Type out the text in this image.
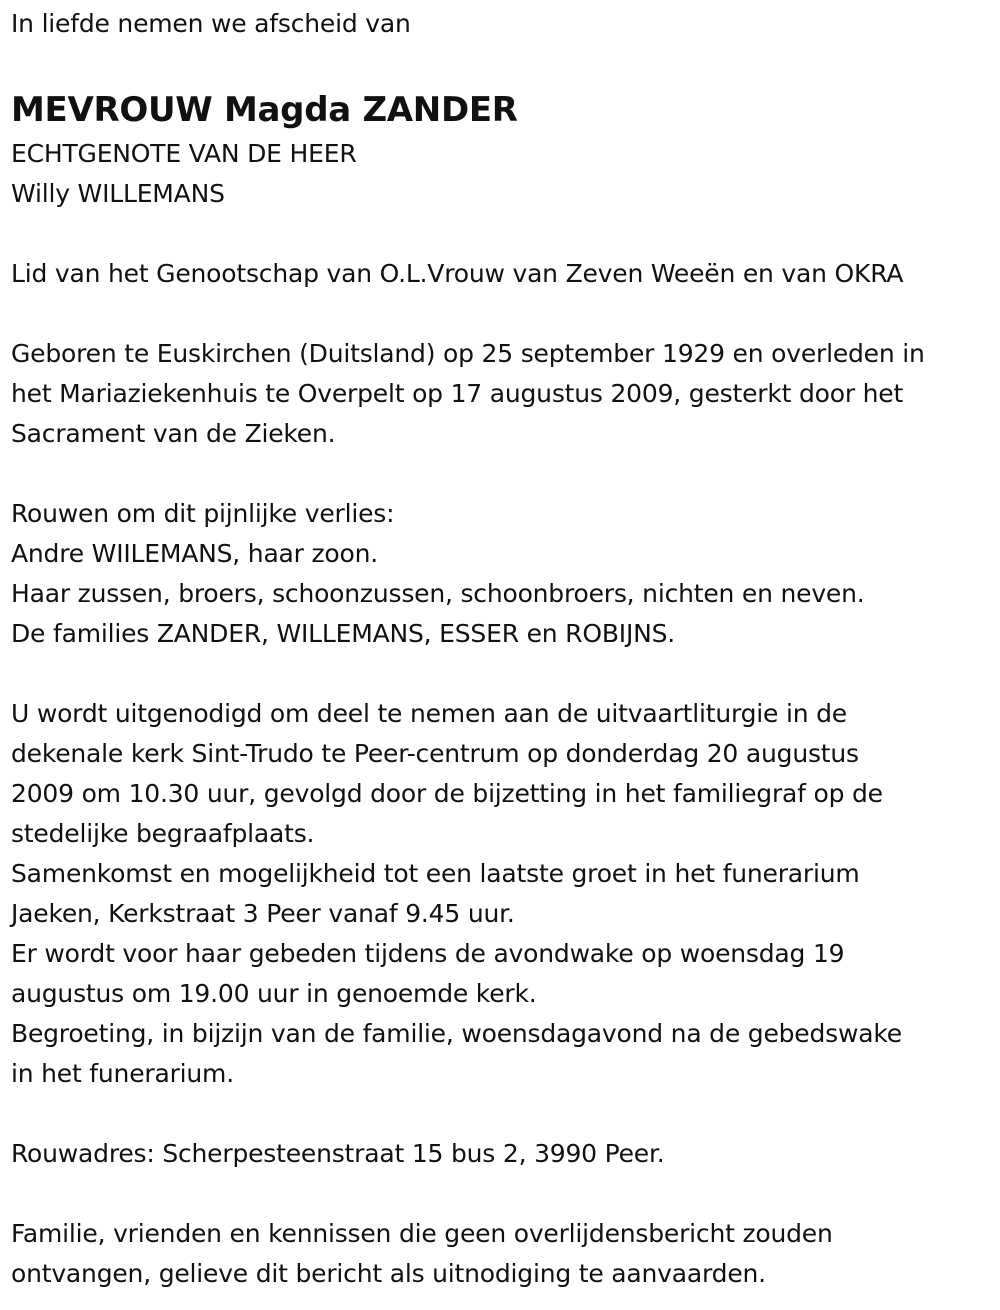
In liefde nemen we afscheid van
MEVROUW Magda ZANDER
ECHTGENOTE VAN DE HEER
Willy WILLEMANS
Lid van het Genootschap van O.L.Vrouw van Zeven Weeën en van OKRA
Geboren te Euskirchen (Duitsland) op 25 september 1929 en overleden in
het Mariaziekenhuis te Overpelt op 17 augustus 2009, gesterkt door het
Sacrament van de Zieken.
Rouwen om dit pijnlijke verlies:
Andre WIILEMANS, haar zoon.
Haar zussen, broers, schoonzussen, schoonbroers, nichten en neven.
De families ZANDER, WILLEMANS, ESSER en ROBIJNS.
U wordt uitgenodigd om deel te nemen aan de uitvaartliturgie in de
dekenale kerk Sint-Trudo te Peer-centrum op donderdag 20 augustus
2009 om 10.30 uur, gevolgd door de bijzetting in het familiegraf op de
stedelijke begraafplaats.
Samenkomst en mogelijkheid tot een laatste groet in het funerarium
Jaeken, Kerkstraat 3 Peer vanaf 9.45 uur.
Er wordt voor haar gebeden tijdens de avondwake op woensdag 19
augustus om 19.00 uur in genoemde kerk.
Begroeting, in bijzijn van de familie, woensdagavond na de gebedswake
in het funerarium.
Rouwadres: Scherpesteenstraat 15 bus 2, 3990 Peer.
Familie, vrienden en kennissen die geen overlijdensbericht zouden
ontvangen, gelieve dit bericht als uitnodiging te aanvaarden.
